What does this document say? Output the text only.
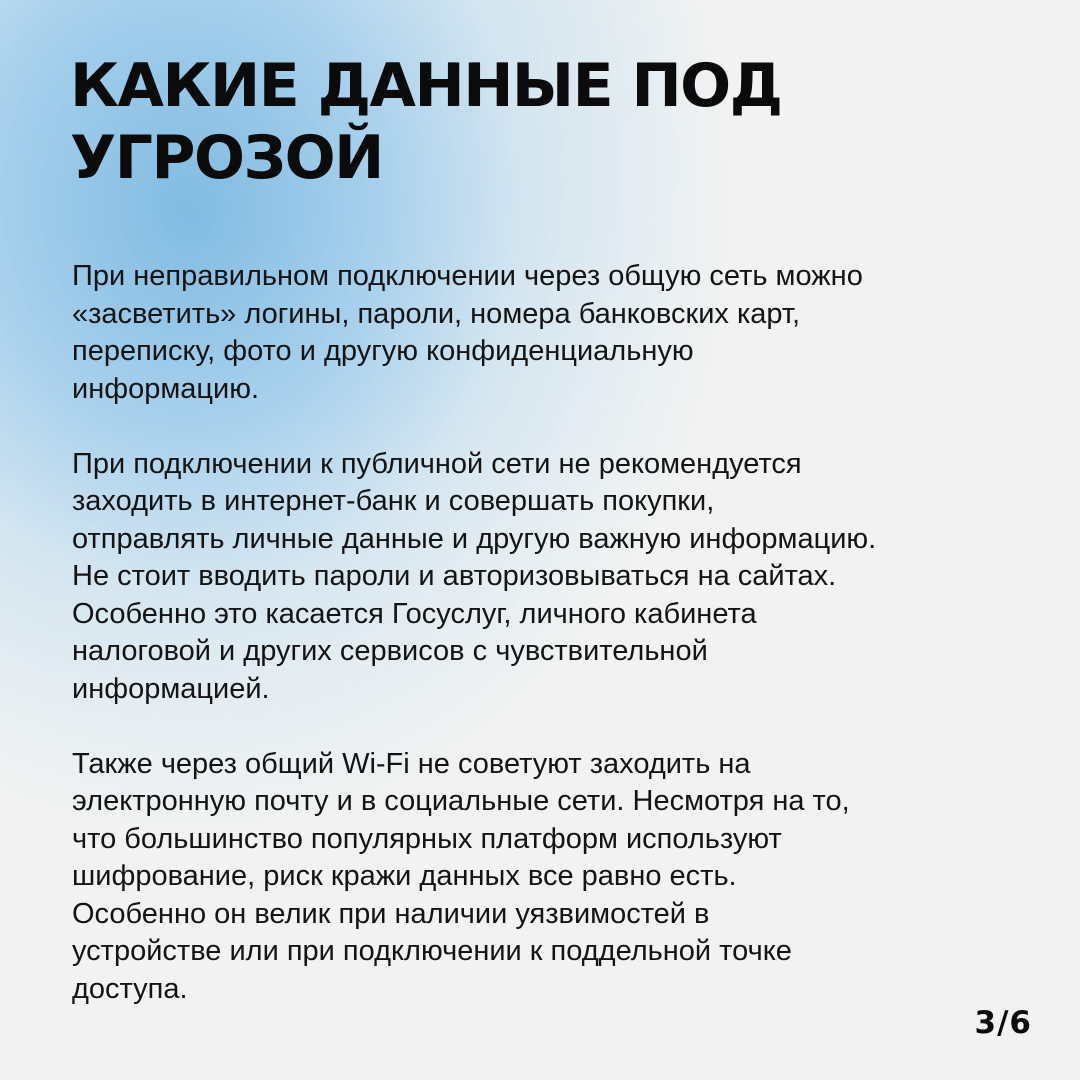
КАКИЕ ДАННЫЕ ПОД
УГРОЗОЙ

При неправильном подключении через общую сеть можно
«засветить» логины, пароли, номера банковских карт,
переписку, фото и другую конфиденциальную
информацию.

При подключении к публичной сети не рекомендуется
заходить в интернет-банк и совершать покупки,
отправлять личные данные и другую важную информацию.
Не стоит вводить пароли и авторизовываться на сайтах.
Особенно это касается Госуслуг, личного кабинета
налоговой и других сервисов с чувствительной
информацией.

Также через общий Wi-Fi не советуют заходить на
электронную почту и в социальные сети. Несмотря на то,
что большинство популярных платформ используют
шифрование, риск кражи данных все равно есть.
Особенно он велик при наличии уязвимостей в
устройстве или при подключении к поддельной точке
доступа.

3/6
